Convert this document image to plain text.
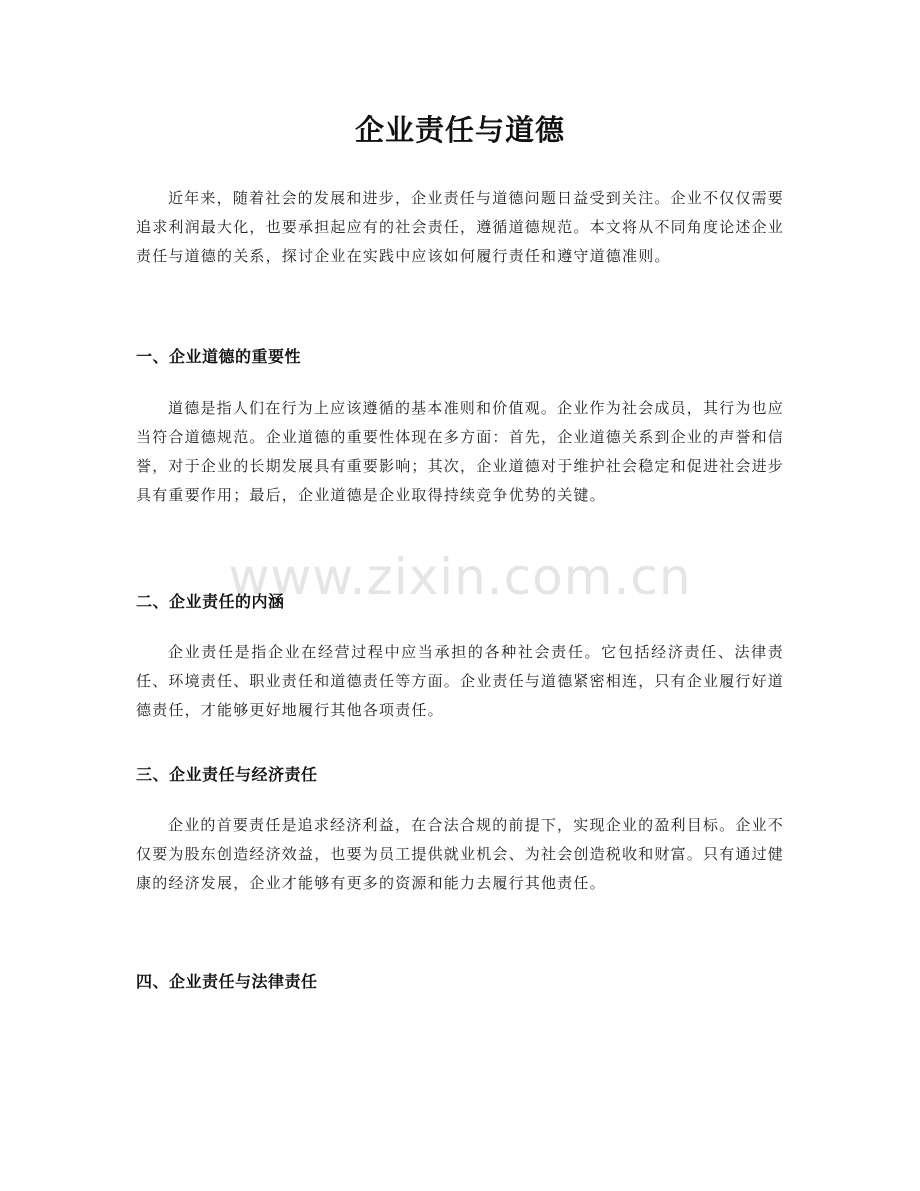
企业责任与道德

近年来，随着社会的发展和进步，企业责任与道德问题日益受到关注。企业不仅仅需要追求利润最大化，也要承担起应有的社会责任，遵循道德规范。本文将从不同角度论述企业责任与道德的关系，探讨企业在实践中应该如何履行责任和遵守道德准则。

一、企业道德的重要性

道德是指人们在行为上应该遵循的基本准则和价值观。企业作为社会成员，其行为也应当符合道德规范。企业道德的重要性体现在多方面：首先，企业道德关系到企业的声誉和信誉，对于企业的长期发展具有重要影响；其次，企业道德对于维护社会稳定和促进社会进步具有重要作用；最后，企业道德是企业取得持续竞争优势的关键。

二、企业责任的内涵

企业责任是指企业在经营过程中应当承担的各种社会责任。它包括经济责任、法律责任、环境责任、职业责任和道德责任等方面。企业责任与道德紧密相连，只有企业履行好道德责任，才能够更好地履行其他各项责任。

三、企业责任与经济责任

企业的首要责任是追求经济利益，在合法合规的前提下，实现企业的盈利目标。企业不仅要为股东创造经济效益，也要为员工提供就业机会、为社会创造税收和财富。只有通过健康的经济发展，企业才能够有更多的资源和能力去履行其他责任。

四、企业责任与法律责任
www.zixin.com.cn
